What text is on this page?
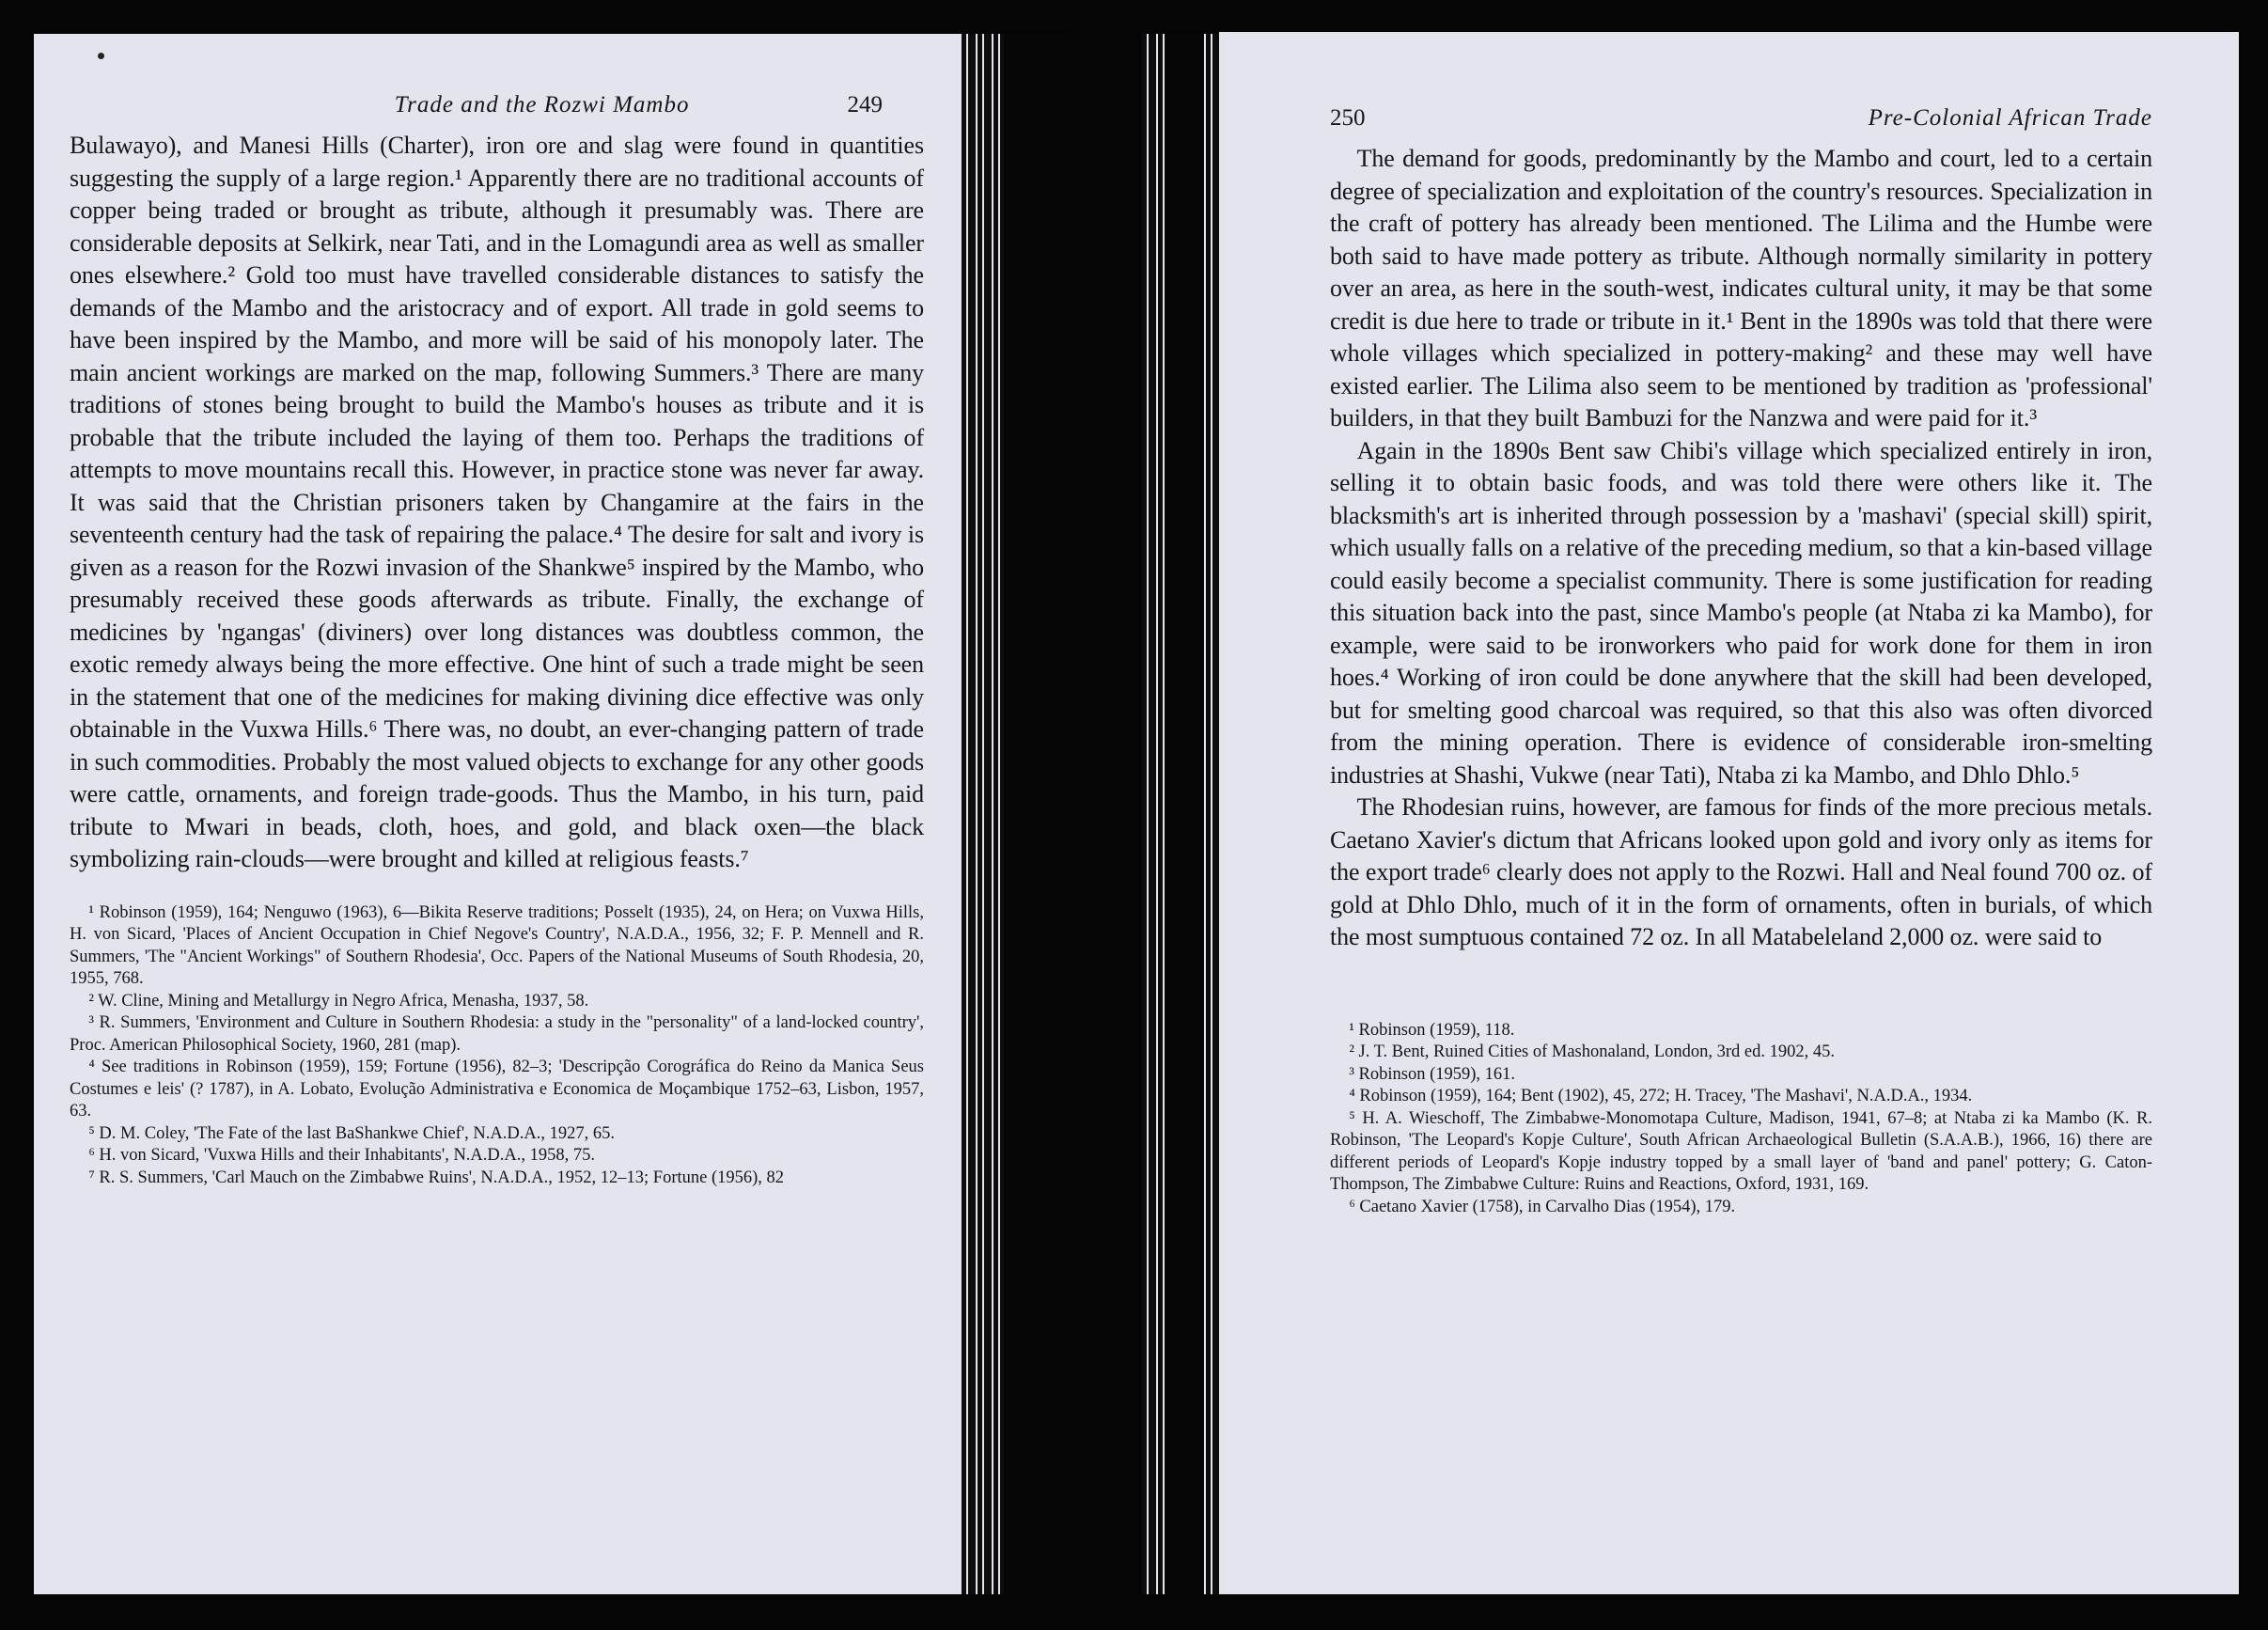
Trade and the Rozwi Mambo	249

Bulawayo), and Manesi Hills (Charter), iron ore and slag were found in quantities suggesting the supply of a large region.¹ Apparently there are no traditional accounts of copper being traded or brought as tribute, although it presumably was. There are considerable deposits at Selkirk, near Tati, and in the Lomagundi area as well as smaller ones elsewhere.² Gold too must have travelled considerable distances to satisfy the demands of the Mambo and the aristocracy and of export. All trade in gold seems to have been inspired by the Mambo, and more will be said of his monopoly later. The main ancient workings are marked on the map, following Summers.³ There are many traditions of stones being brought to build the Mambo's houses as tribute and it is probable that the tribute included the laying of them too. Perhaps the traditions of attempts to move mountains recall this. However, in practice stone was never far away. It was said that the Christian prisoners taken by Changamire at the fairs in the seventeenth century had the task of repairing the palace.⁴ The desire for salt and ivory is given as a reason for the Rozwi invasion of the Shankwe⁵ inspired by the Mambo, who presumably received these goods afterwards as tribute. Finally, the exchange of medicines by 'ngangas' (diviners) over long distances was doubtless common, the exotic remedy always being the more effective. One hint of such a trade might be seen in the statement that one of the medicines for making divining dice effective was only obtainable in the Vuxwa Hills.⁶ There was, no doubt, an ever-changing pattern of trade in such commodities. Probably the most valued objects to exchange for any other goods were cattle, ornaments, and foreign trade-goods. Thus the Mambo, in his turn, paid tribute to Mwari in beads, cloth, hoes, and gold, and black oxen—the black symbolizing rain-clouds—were brought and killed at religious feasts.⁷

¹ Robinson (1959), 164; Nenguwo (1963), 6—Bikita Reserve traditions; Posselt (1935), 24, on Hera; on Vuxwa Hills, H. von Sicard, 'Places of Ancient Occupation in Chief Negove's Country', N.A.D.A., 1956, 32; F. P. Mennell and R. Summers, 'The "Ancient Workings" of Southern Rhodesia', Occ. Papers of the National Museums of South Rhodesia, 20, 1955, 768.

² W. Cline, Mining and Metallurgy in Negro Africa, Menasha, 1937, 58.

³ R. Summers, 'Environment and Culture in Southern Rhodesia: a study in the "personality" of a land-locked country', Proc. American Philosophical Society, 1960, 281 (map).

⁴ See traditions in Robinson (1959), 159; Fortune (1956), 82–3; 'Descripção Corográfica do Reino da Manica Seus Costumes e leis' (? 1787), in A. Lobato, Evolução Administrativa e Economica de Moçambique 1752–63, Lisbon, 1957, 63.

⁵ D. M. Coley, 'The Fate of the last BaShankwe Chief', N.A.D.A., 1927, 65.

⁶ H. von Sicard, 'Vuxwa Hills and their Inhabitants', N.A.D.A., 1958, 75.

⁷ R. S. Summers, 'Carl Mauch on the Zimbabwe Ruins', N.A.D.A., 1952, 12–13; Fortune (1956), 82

250	Pre-Colonial African Trade

The demand for goods, predominantly by the Mambo and court, led to a certain degree of specialization and exploitation of the country's resources. Specialization in the craft of pottery has already been mentioned. The Lilima and the Humbe were both said to have made pottery as tribute. Although normally similarity in pottery over an area, as here in the south-west, indicates cultural unity, it may be that some credit is due here to trade or tribute in it.¹ Bent in the 1890s was told that there were whole villages which specialized in pottery-making² and these may well have existed earlier. The Lilima also seem to be mentioned by tradition as 'professional' builders, in that they built Bambuzi for the Nanzwa and were paid for it.³

Again in the 1890s Bent saw Chibi's village which specialized entirely in iron, selling it to obtain basic foods, and was told there were others like it. The blacksmith's art is inherited through possession by a 'mashavi' (special skill) spirit, which usually falls on a relative of the preceding medium, so that a kin-based village could easily become a specialist community. There is some justification for reading this situation back into the past, since Mambo's people (at Ntaba zi ka Mambo), for example, were said to be ironworkers who paid for work done for them in iron hoes.⁴ Working of iron could be done anywhere that the skill had been developed, but for smelting good charcoal was required, so that this also was often divorced from the mining operation. There is evidence of considerable iron-smelting industries at Shashi, Vukwe (near Tati), Ntaba zi ka Mambo, and Dhlo Dhlo.⁵

The Rhodesian ruins, however, are famous for finds of the more precious metals. Caetano Xavier's dictum that Africans looked upon gold and ivory only as items for the export trade⁶ clearly does not apply to the Rozwi. Hall and Neal found 700 oz. of gold at Dhlo Dhlo, much of it in the form of ornaments, often in burials, of which the most sumptuous contained 72 oz. In all Matabeleland 2,000 oz. were said to

¹ Robinson (1959), 118.

² J. T. Bent, Ruined Cities of Mashonaland, London, 3rd ed. 1902, 45.

³ Robinson (1959), 161.

⁴ Robinson (1959), 164; Bent (1902), 45, 272; H. Tracey, 'The Mashavi', N.A.D.A., 1934.

⁵ H. A. Wieschoff, The Zimbabwe-Monomotapa Culture, Madison, 1941, 67–8; at Ntaba zi ka Mambo (K. R. Robinson, 'The Leopard's Kopje Culture', South African Archaeological Bulletin (S.A.A.B.), 1966, 16) there are different periods of Leopard's Kopje industry topped by a small layer of 'band and panel' pottery; G. Caton-Thompson, The Zimbabwe Culture: Ruins and Reactions, Oxford, 1931, 169.

⁶ Caetano Xavier (1758), in Carvalho Dias (1954), 179.
